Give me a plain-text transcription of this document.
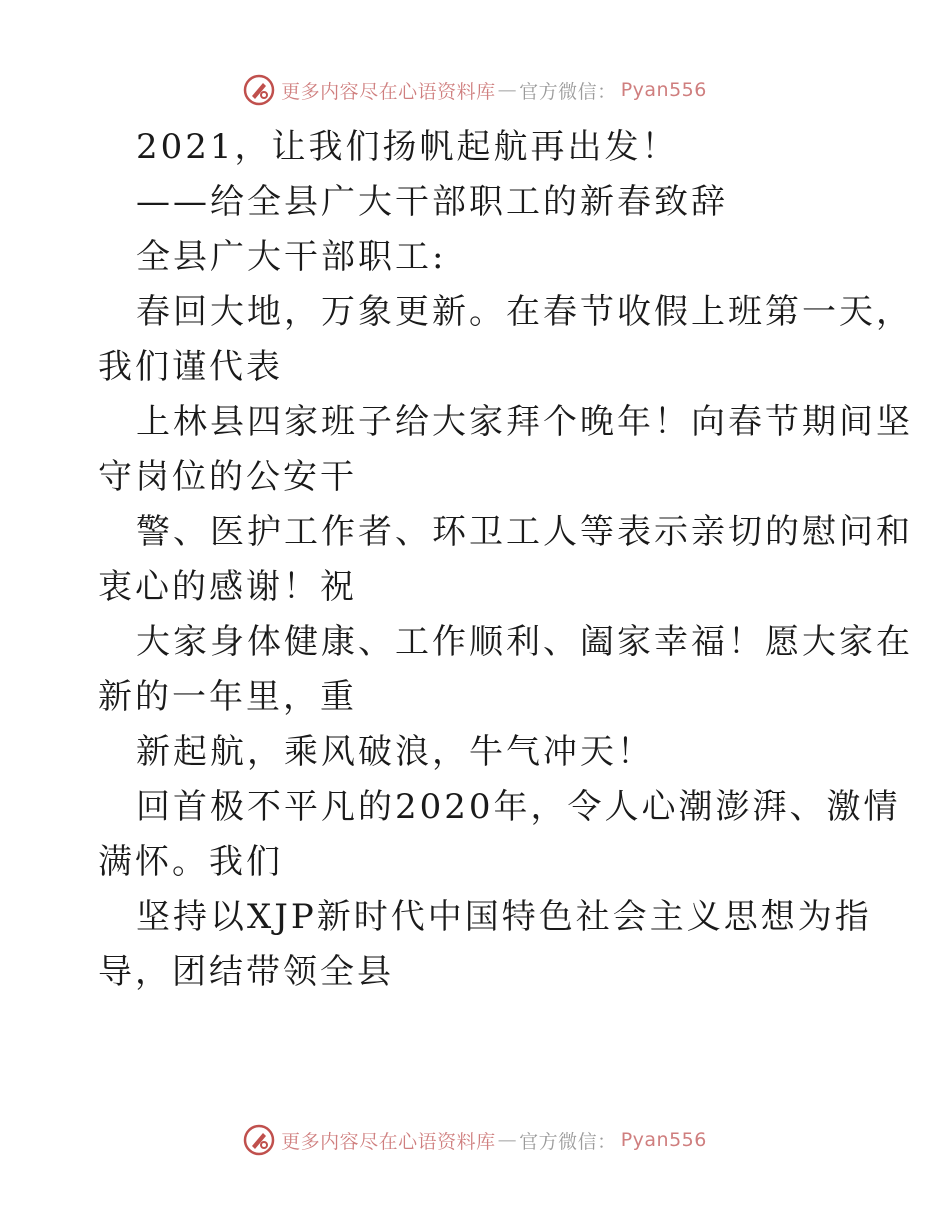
更多内容尽在心语资料库 — 官方微信： Pyan556
2021，让我们扬帆起航再出发！
——给全县广大干部职工的新春致辞
全县广大干部职工:
春回大地，万象更新。在春节收假上班第一天，
我们谨代表
上林县四家班子给大家拜个晚年！向春节期间坚
守岗位的公安干
警、医护工作者、环卫工人等表示亲切的慰问和
衷心的感谢！祝
大家身体健康、工作顺利、阖家幸福！愿大家在
新的一年里，重
新起航，乘风破浪，牛气冲天！
回首极不平凡的2020年，令人心潮澎湃、激情
满怀。我们
坚持以XJP新时代中国特色社会主义思想为指
导，团结带领全县
更多内容尽在心语资料库 — 官方微信： Pyan556
